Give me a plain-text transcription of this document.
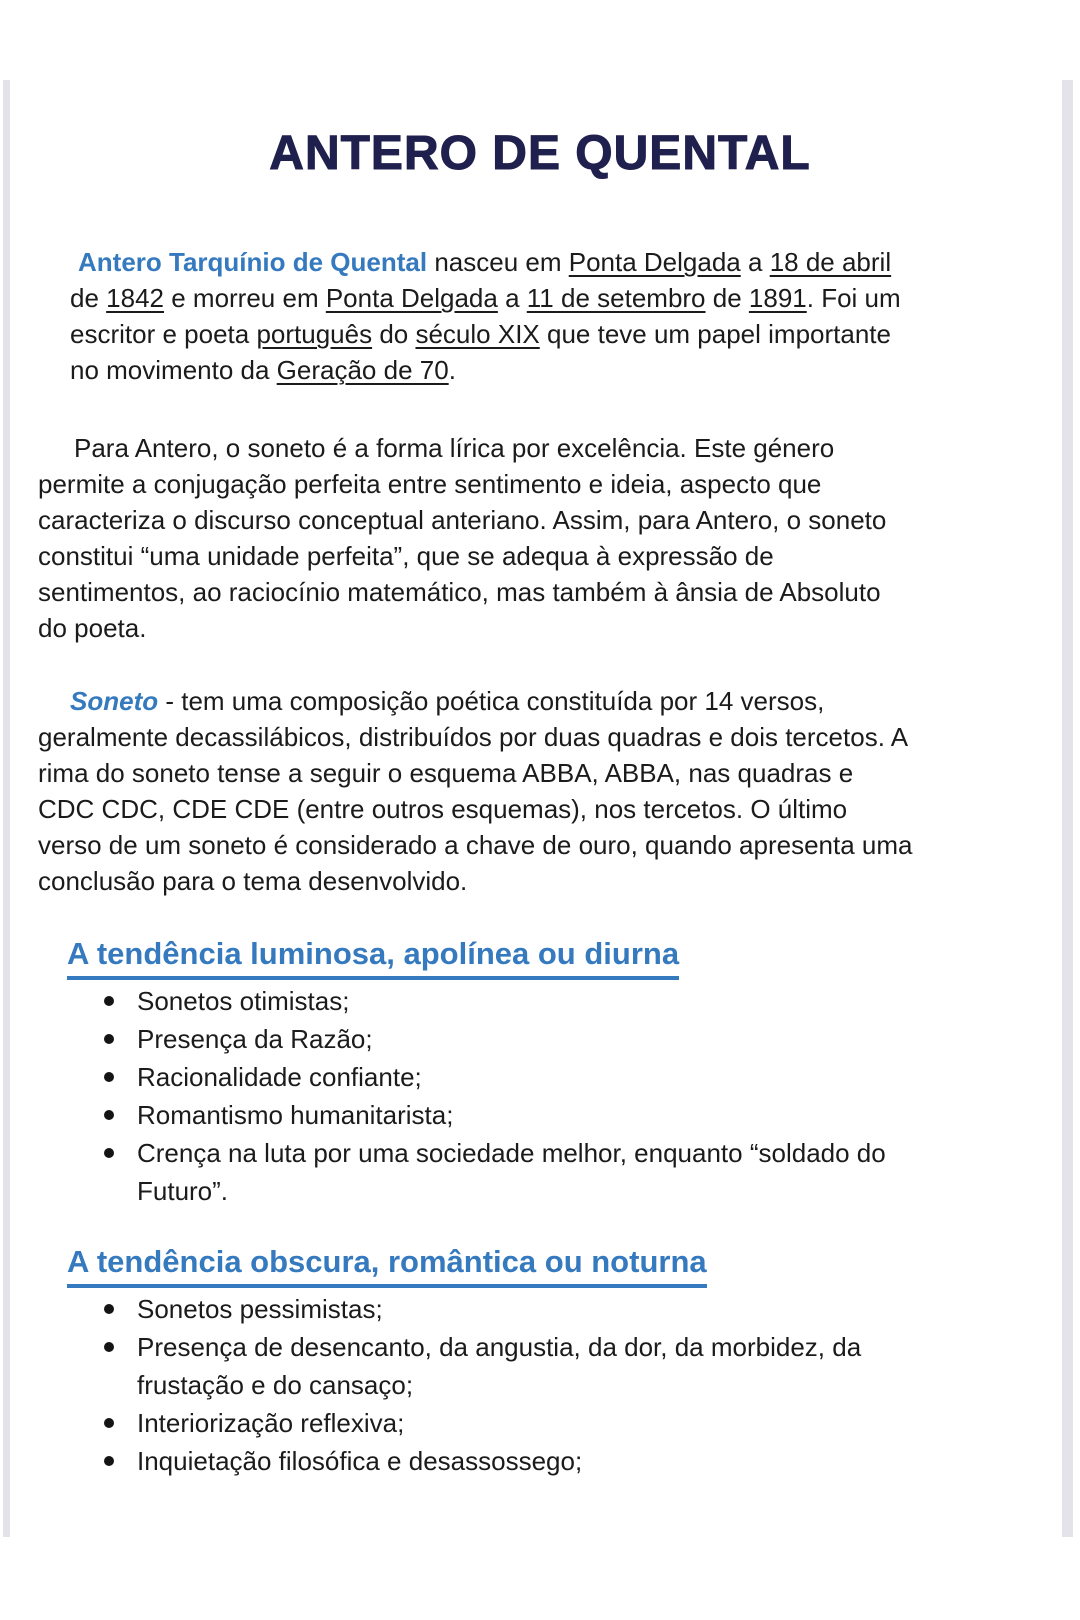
ANTERO DE QUENTAL
Antero Tarquínio de Quental nasceu em Ponta Delgada a 18 de abril
de 1842 e morreu em Ponta Delgada a 11 de setembro de 1891. Foi um
escritor e poeta português do século XIX que teve um papel importante
no movimento da Geração de 70.
Para Antero, o soneto é a forma lírica por excelência. Este género
permite a conjugação perfeita entre sentimento e ideia, aspecto que
caracteriza o discurso conceptual anteriano. Assim, para Antero, o soneto
constitui “uma unidade perfeita”, que se adequa à expressão de
sentimentos, ao raciocínio matemático, mas também à ânsia de Absoluto
do poeta.
Soneto - tem uma composição poética constituída por 14 versos,
geralmente decassilábicos, distribuídos por duas quadras e dois tercetos. A
rima do soneto tense a seguir o esquema ABBA, ABBA, nas quadras e
CDC CDC, CDE CDE (entre outros esquemas), nos tercetos. O último
verso de um soneto é considerado a chave de ouro, quando apresenta uma
conclusão para o tema desenvolvido.
A tendência luminosa, apolínea ou diurna
Sonetos otimistas;
Presença da Razão;
Racionalidade confiante;
Romantismo humanitarista;
Crença na luta por uma sociedade melhor, enquanto “soldado do Futuro”.
A tendência obscura, romântica ou noturna
Sonetos pessimistas;
Presença de desencanto, da angustia, da dor, da morbidez, da frustação e do cansaço;
Interiorização reflexiva;
Inquietação filosófica e desassossego;
